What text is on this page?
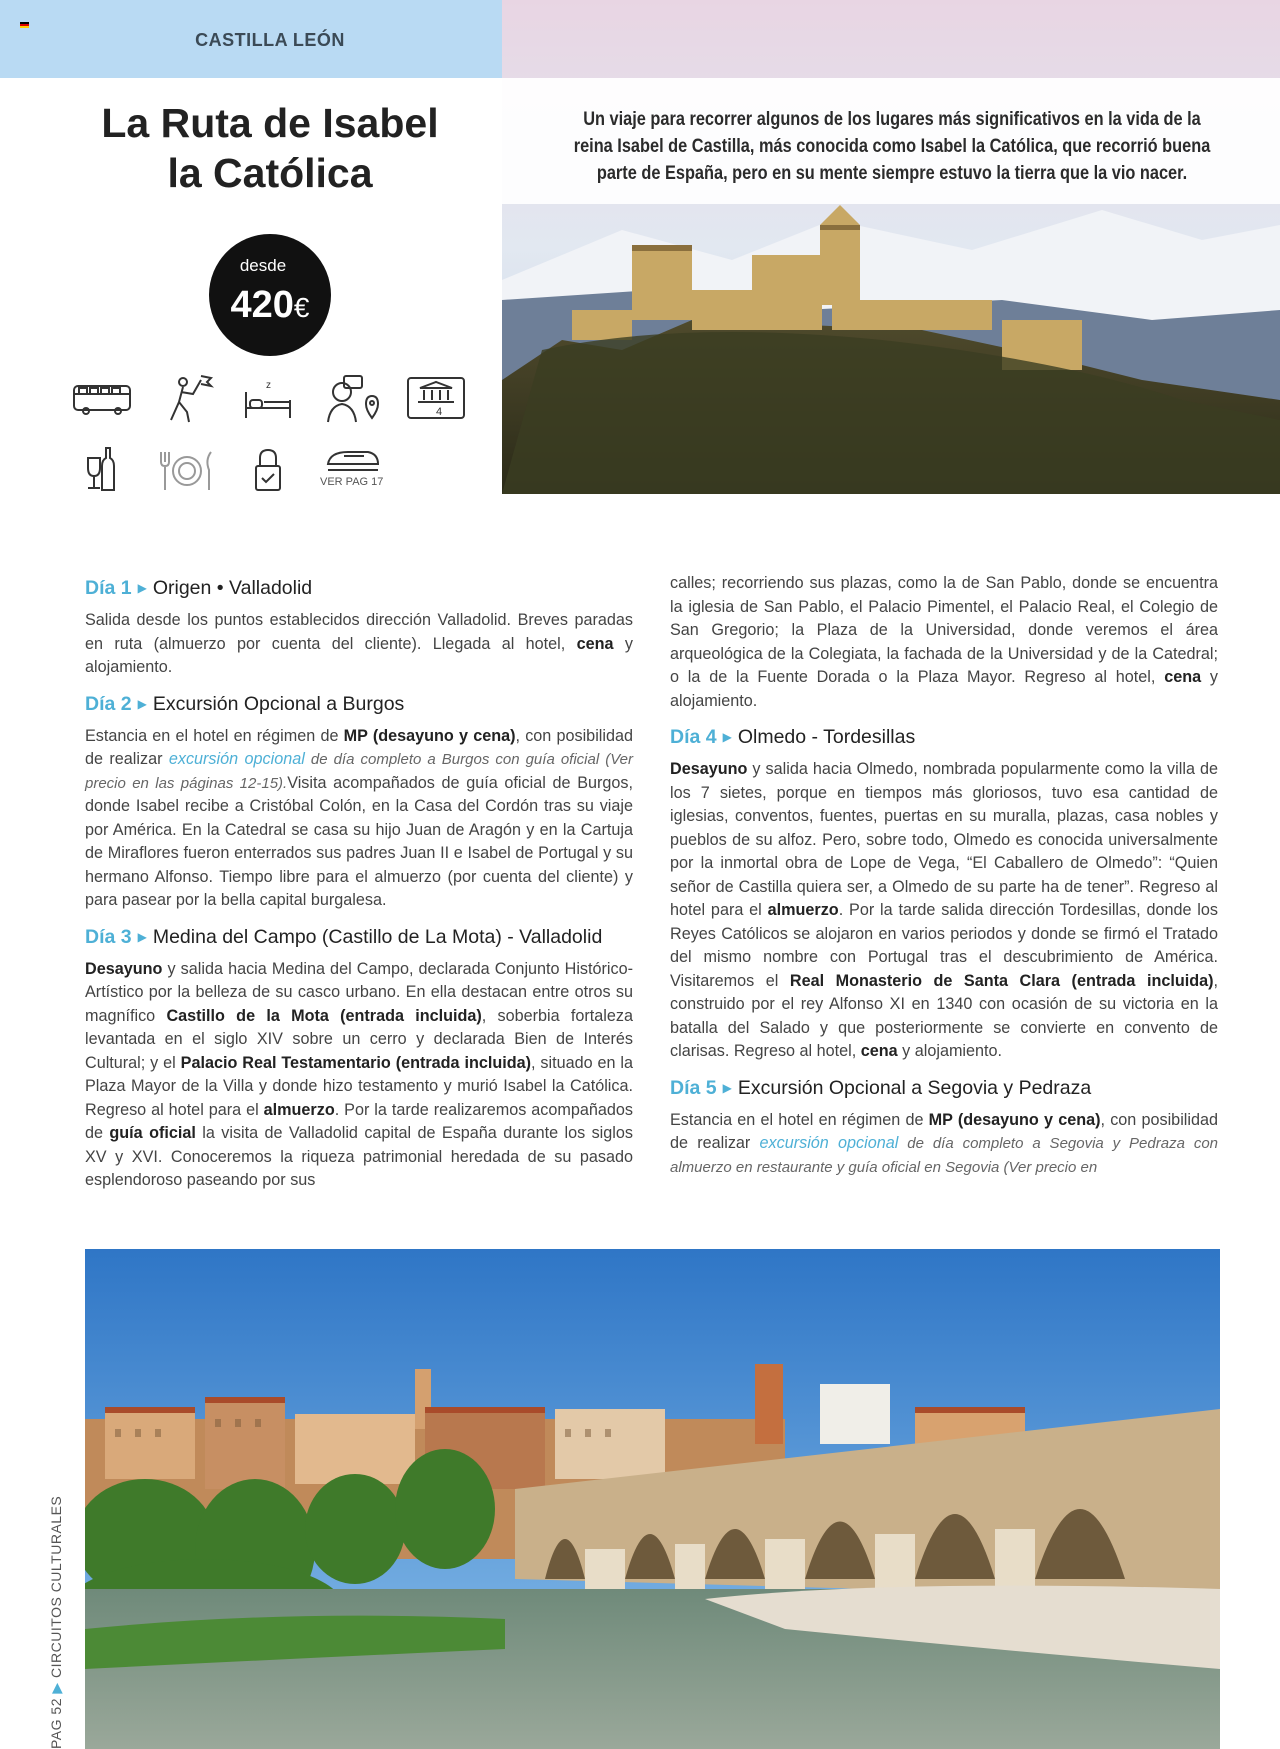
CASTILLA LEÓN
Un viaje para recorrer algunos de los lugares más significativos en la vida de la reina Isabel de Castilla, más conocida como Isabel la Católica, que recorrió buena parte de España, pero en su mente siempre estuvo la tierra que la vio nacer.
La Ruta de Isabel
la Católica
desde
420€
z
4
VER PAG 17
Día 1 ▶ Origen • Valladolid

Salida desde los puntos establecidos dirección Valladolid. Breves paradas en ruta (almuerzo por cuenta del cliente). Llegada al hotel, cena y alojamiento.

Día 2 ▶ Excursión Opcional a Burgos

Estancia en el hotel en régimen de MP (desayuno y cena), con posibilidad de realizar excursión opcional de día completo a Burgos con guía oficial (Ver precio en las páginas 12-15).Visita acompañados de guía oficial de Burgos, donde Isabel recibe a Cristóbal Colón, en la Casa del Cordón tras su viaje por América. En la Catedral se casa su hijo Juan de Aragón y en la Cartuja de Miraflores fueron enterrados sus padres Juan II e Isabel de Portugal y su hermano Alfonso. Tiempo libre para el almuerzo (por cuenta del cliente) y para pasear por la bella capital burgalesa.

Día 3 ▶ Medina del Campo (Castillo de La Mota) - Valladolid

Desayuno y salida hacia Medina del Campo, declarada Conjunto Histórico-Artístico por la belleza de su casco urbano. En ella destacan entre otros su magnífico Castillo de la Mota (entrada incluida), soberbia fortaleza levantada en el siglo XIV sobre un cerro y declarada Bien de Interés Cultural; y el Palacio Real Testamentario (entrada incluida), situado en la Plaza Mayor de la Villa y donde hizo testamento y murió Isabel la Católica. Regreso al hotel para el almuerzo. Por la tarde realizaremos acompañados de guía oficial la visita de Valladolid capital de España durante los siglos XV y XVI. Conoceremos la riqueza patrimonial heredada de su pasado esplendoroso paseando por sus

calles; recorriendo sus plazas, como la de San Pablo, donde se encuentra la iglesia de San Pablo, el Palacio Pimentel, el Palacio Real, el Colegio de San Gregorio; la Plaza de la Universidad, donde veremos el área arqueológica de la Colegiata, la fachada de la Universidad y de la Catedral; o la de la Fuente Dorada o la Plaza Mayor. Regreso al hotel, cena y alojamiento.

Día 4 ▶ Olmedo - Tordesillas

Desayuno y salida hacia Olmedo, nombrada popularmente como la villa de los 7 sietes, porque en tiempos más gloriosos, tuvo esa cantidad de iglesias, conventos, fuentes, puertas en su muralla, plazas, casa nobles y pueblos de su alfoz. Pero, sobre todo, Olmedo es conocida universalmente por la inmortal obra de Lope de Vega, “El Caballero de Olmedo”: “Quien señor de Castilla quiera ser, a Olmedo de su parte ha de tener”. Regreso al hotel para el almuerzo. Por la tarde salida dirección Tordesillas, donde los Reyes Católicos se alojaron en varios periodos y donde se firmó el Tratado del mismo nombre con Portugal tras el descubrimiento de América. Visitaremos el Real Monasterio de Santa Clara (entrada incluida), construido por el rey Alfonso XI en 1340 con ocasión de su victoria en la batalla del Salado y que posteriormente se convierte en convento de clarisas. Regreso al hotel, cena y alojamiento.

Día 5 ▶ Excursión Opcional a Segovia y Pedraza

Estancia en el hotel en régimen de MP (desayuno y cena), con posibilidad de realizar excursión opcional de día completo a Segovia y Pedraza con almuerzo en restaurante y guía oficial en Segovia (Ver precio en

PAG 52 ▶ CIRCUITOS CULTURALES
